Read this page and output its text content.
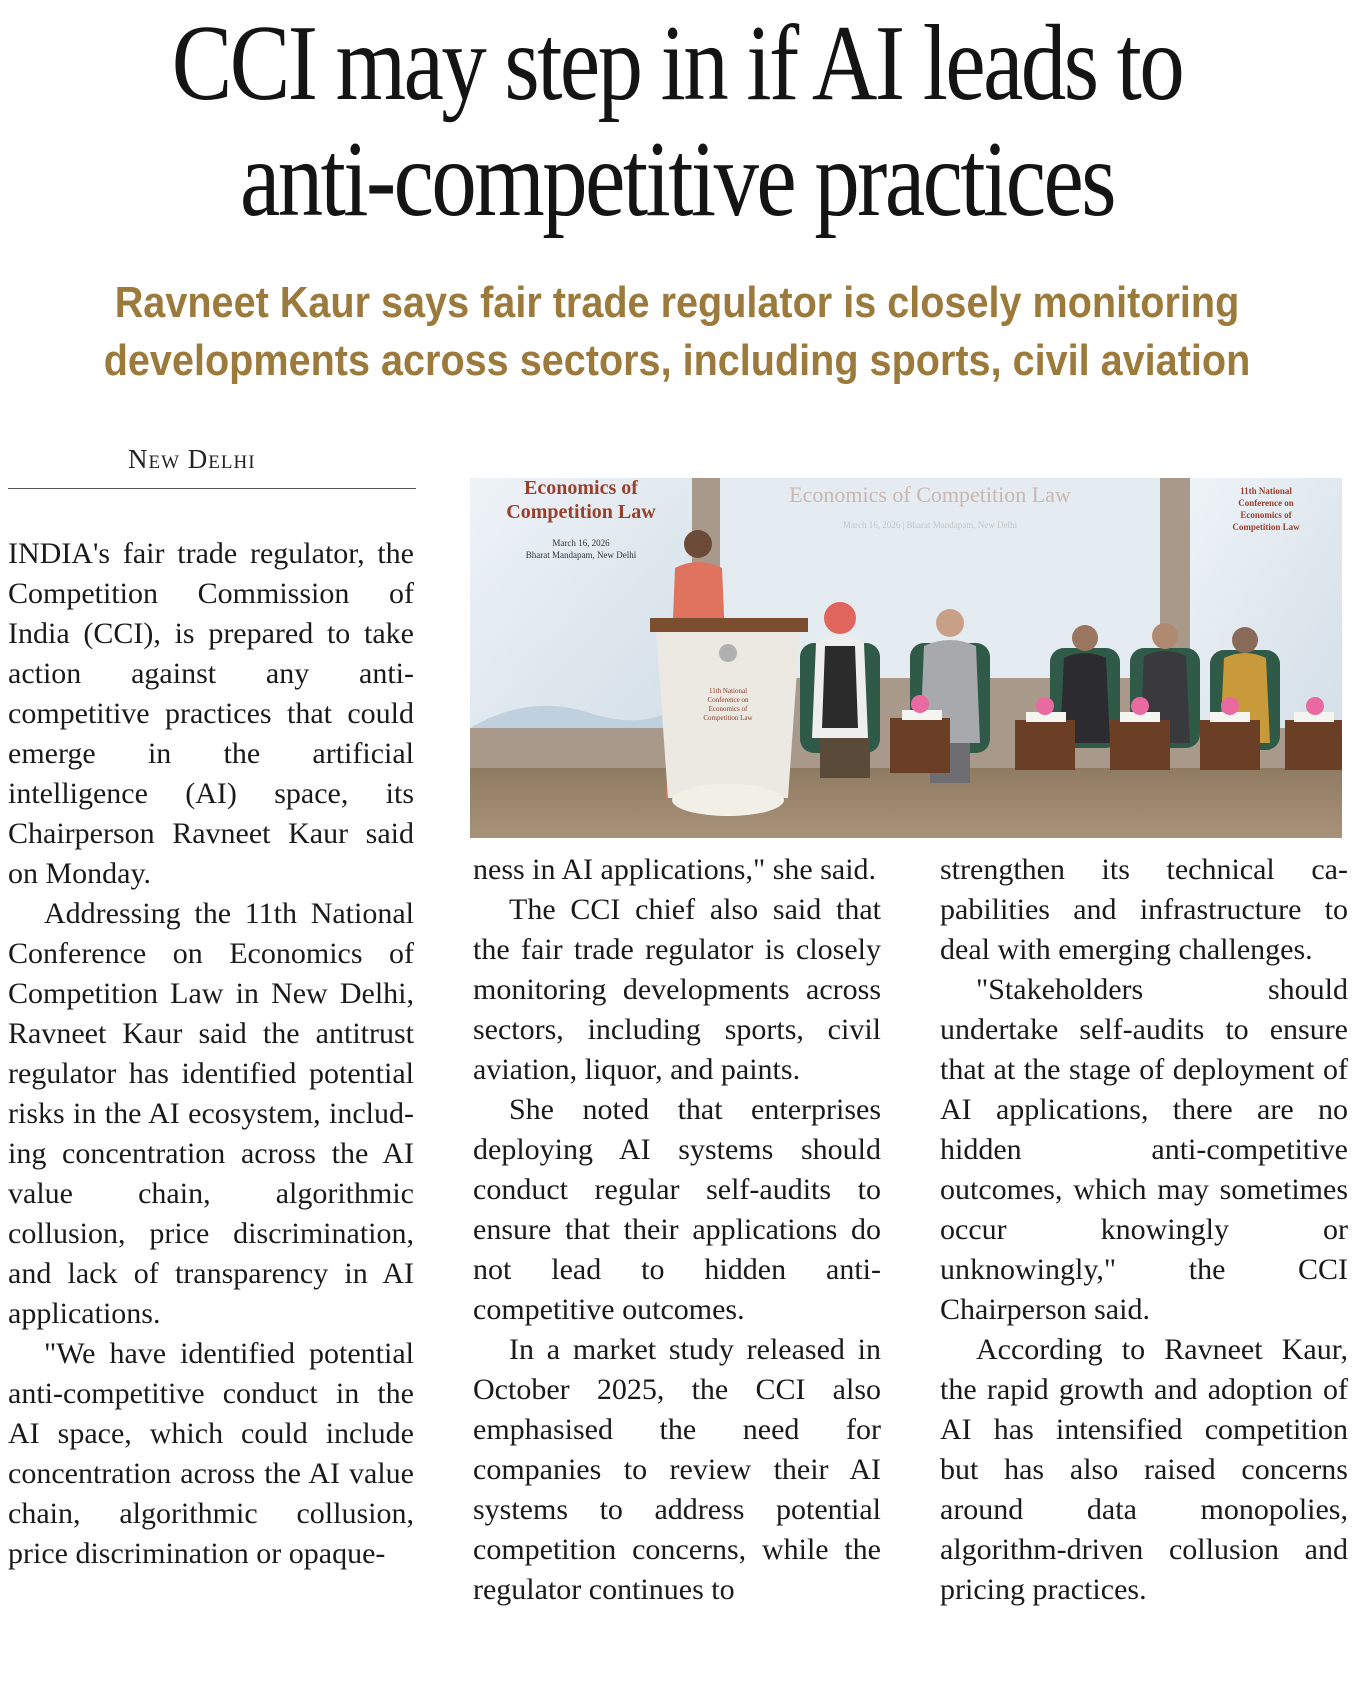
CCI may step in if AI leads to
anti-competitive practices
Ravneet Kaur says fair trade regulator is closely monitoring
developments across sectors, including sports, civil aviation
New Delhi

INDIA's fair trade regulator, the Competition Commission of India (CCI), is prepared to take action against any anti-competitive practices that could emerge in the artificial intelligence (AI) space, its Chairperson Ravneet Kaur said on Monday.

Addressing the 11th National Conference on Economics of Competition Law in New Delhi, Ravneet Kaur said the antitrust regulator has identified potential risks in the AI ecosystem, including concentration across the AI value chain, algorithmic collusion, price discrimination, and lack of transparency in AI applications.

"We have identified potential anti-competitive conduct in the AI space, which could include concentration across the AI value chain, algorithmic collusion, price discrimination or opaque-

Economics of
Competition Law
March 16, 2026
Bharat Mandapam, New Delhi
Economics of Competition Law
March 16, 2026 | Bharat Mandapam, New Delhi
11th National
Conference on
Economics of
Competition Law
11th National
Conference on
Economics of
Competition Law

ness in AI applications," she said.

The CCI chief also said that the fair trade regulator is closely monitoring developments across sectors, including sports, civil aviation, liquor, and paints.

She noted that enterprises deploying AI systems should conduct regular self-audits to ensure that their applications do not lead to hidden anti-competitive outcomes.

In a market study released in October 2025, the CCI also emphasised the need for companies to review their AI systems to address potential competition concerns, while the regulator continues to

strengthen its technical capabilities and infrastructure to deal with emerging challenges.

"Stakeholders should undertake self-audits to ensure that at the stage of deployment of AI applications, there are no hidden anti-competitive outcomes, which may sometimes occur knowingly or unknowingly," the CCI Chairperson said.

According to Ravneet Kaur, the rapid growth and adoption of AI has intensified competition but has also raised concerns around data monopolies, algorithm-driven collusion and pricing practices.
